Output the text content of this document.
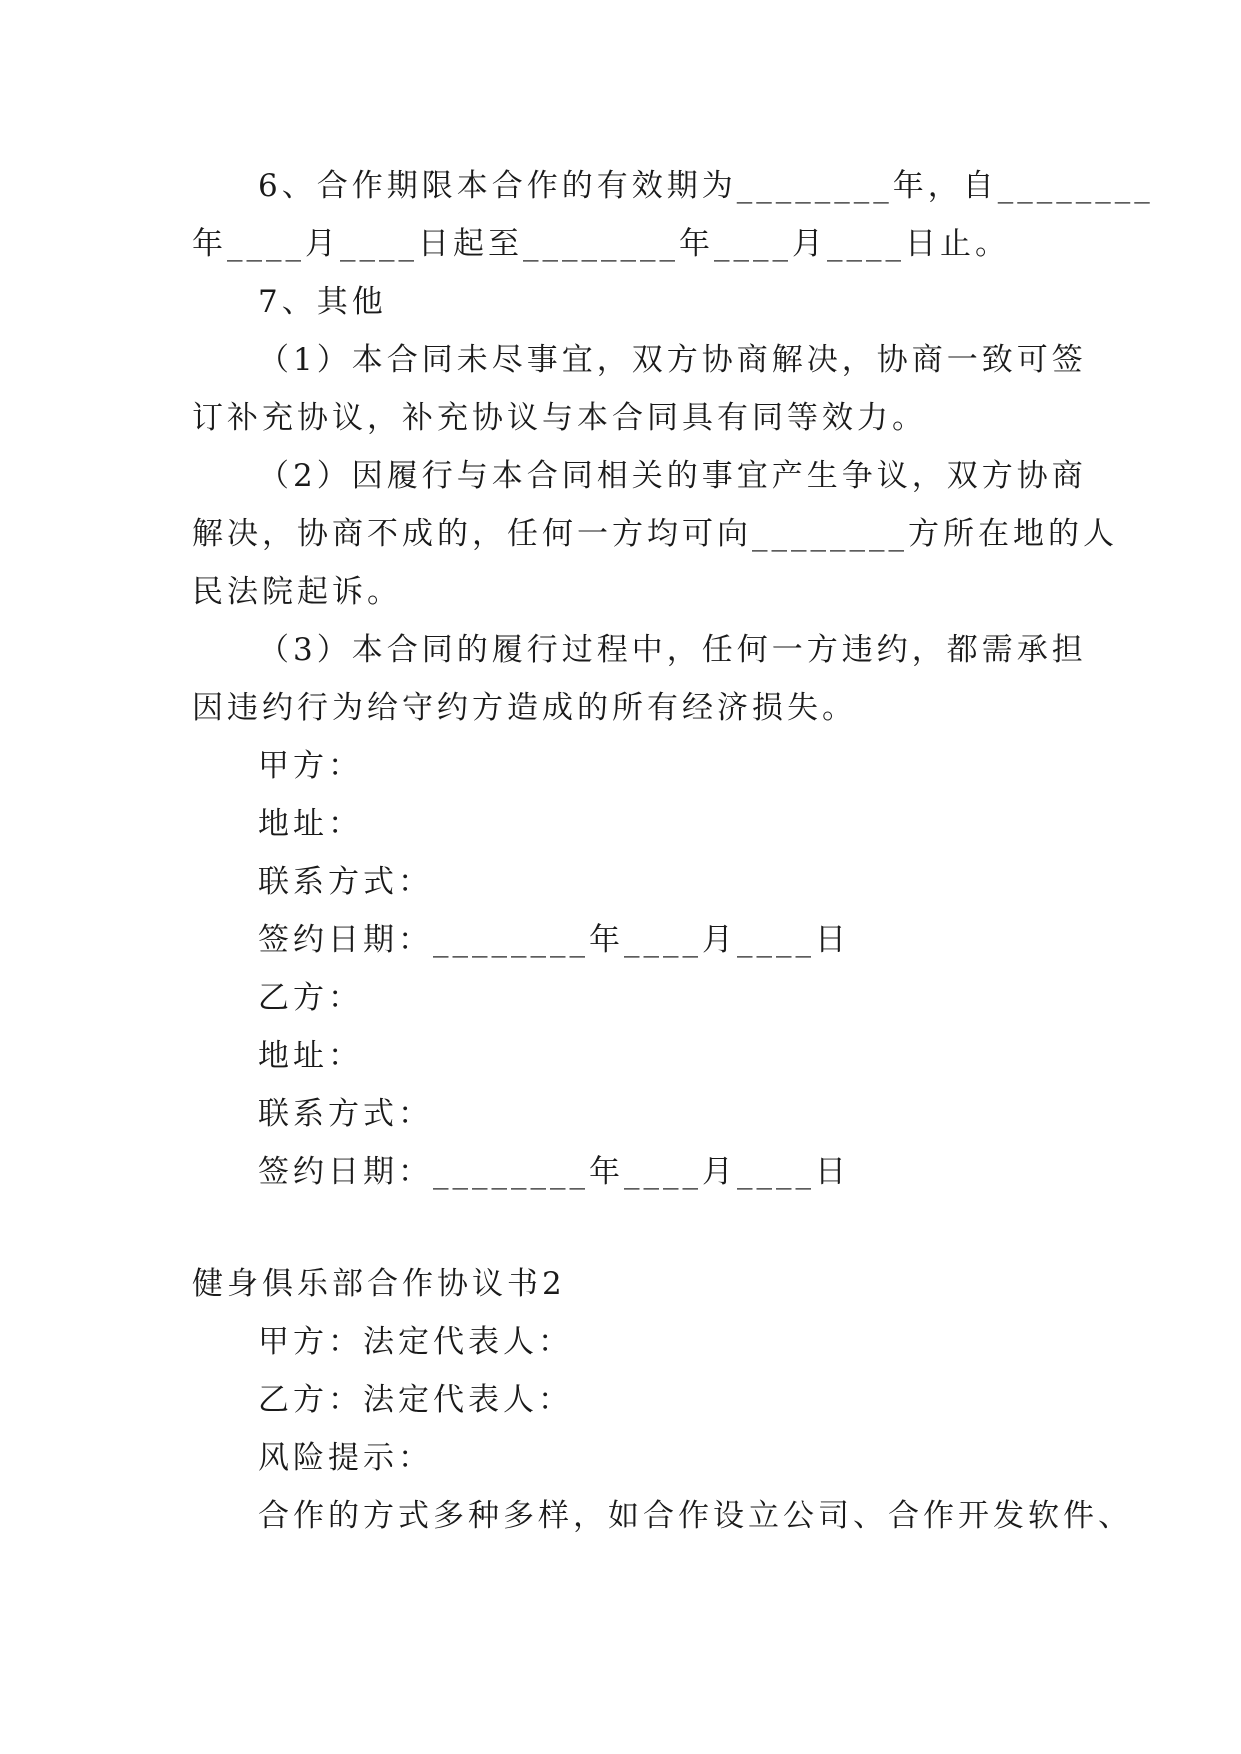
6、合作期限本合作的有效期为________年，自________
年____月____日起至________年____月____日止。
7、其他
（1）本合同未尽事宜，双方协商解决，协商一致可签
订补充协议，补充协议与本合同具有同等效力。
（2）因履行与本合同相关的事宜产生争议，双方协商
解决，协商不成的，任何一方均可向________方所在地的人
民法院起诉。
（3）本合同的履行过程中，任何一方违约，都需承担
因违约行为给守约方造成的所有经济损失。
甲方：
地址：
联系方式：
签约日期：________年____月____日
乙方：
地址：
联系方式：
签约日期：________年____月____日
健身俱乐部合作协议书2
甲方：法定代表人：
乙方：法定代表人：
风险提示：
合作的方式多种多样，如合作设立公司、合作开发软件、
